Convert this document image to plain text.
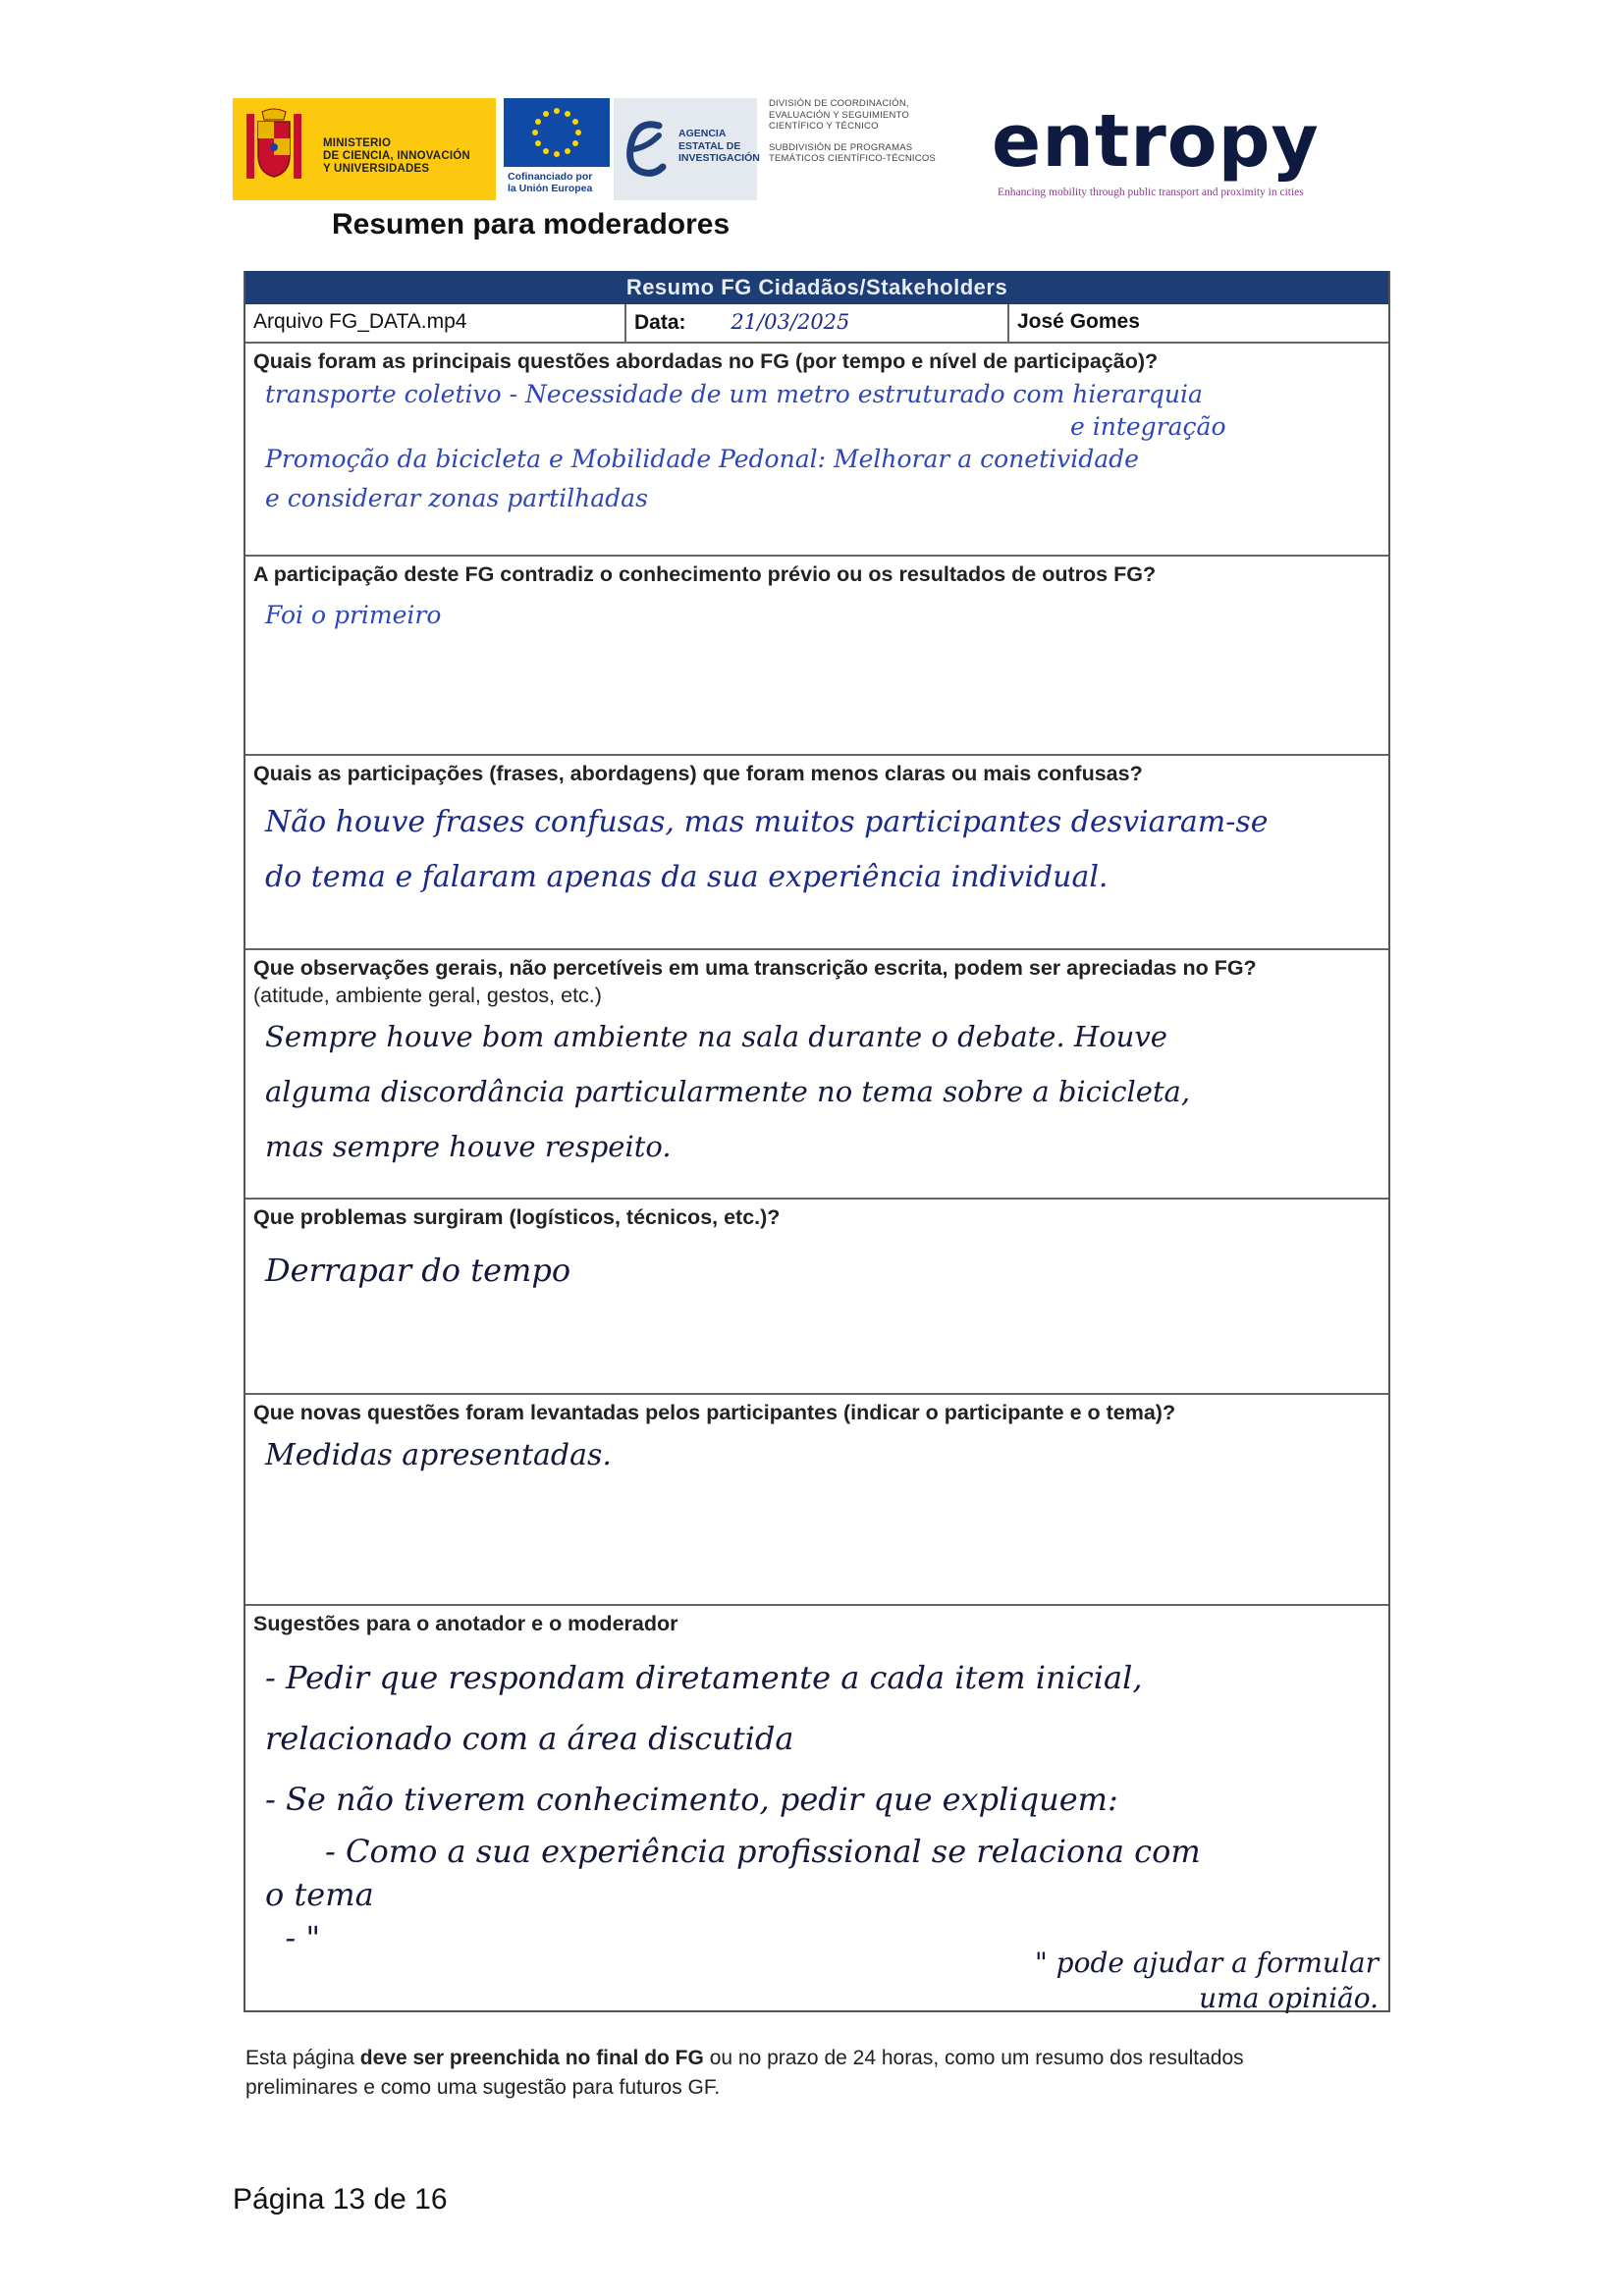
MINISTERIO
DE CIENCIA, INNOVACIÓN
Y UNIVERSIDADES
Cofinanciado por
la Unión Europea
AGENCIA
ESTATAL DE
INVESTIGACIÓN
DIVISIÓN DE COORDINACIÓN,
EVALUACIÓN Y SEGUIMIENTO
CIENTÍFICO Y TÉCNICO
SUBDIVISIÓN DE PROGRAMAS
TEMÁTICOS CIENTÍFICO-TÉCNICOS entropy
Enhancing mobility through public transport and proximity in cities
Resumen para moderadores
Resumo FG Cidadãos/Stakeholders
Arquivo FG_DATA.mp4	Data: 21/03/2025	José Gomes
Quais foram as principais questões abordadas no FG (por tempo e nível de participação)?
transporte coletivo - Necessidade de um metro estruturado com hierarquia
e integração
Promoção da bicicleta e Mobilidade Pedonal: Melhorar a conetividade
e considerar zonas partilhadas
A participação deste FG contradiz o conhecimento prévio ou os resultados de outros FG?
Foi o primeiro
Quais as participações (frases, abordagens) que foram menos claras ou mais confusas?
Não houve frases confusas, mas muitos participantes desviaram-se
do tema e falaram apenas da sua experiência individual.
Que observações gerais, não percetíveis em uma transcrição escrita, podem ser apreciadas no FG?
(atitude, ambiente geral, gestos, etc.)
Sempre houve bom ambiente na sala durante o debate. Houve
alguma discordância particularmente no tema sobre a bicicleta,
mas sempre houve respeito.
Que problemas surgiram (logísticos, técnicos, etc.)?
Derrapar do tempo
Que novas questões foram levantadas pelos participantes (indicar o participante e o tema)?
Medidas apresentadas.
Sugestões para o anotador e o moderador
- Pedir que respondam diretamente a cada item inicial,
relacionado com a área discutida
- Se não tiverem conhecimento, pedir que expliquem:
- Como a sua experiência profissional se relaciona com
o tema
- "
" pode ajudar a formular
uma opinião.
Esta página deve ser preenchida no final do FG ou no prazo de 24 horas, como um resumo dos resultados preliminares e como uma sugestão para futuros GF.
Página 13 de 16
